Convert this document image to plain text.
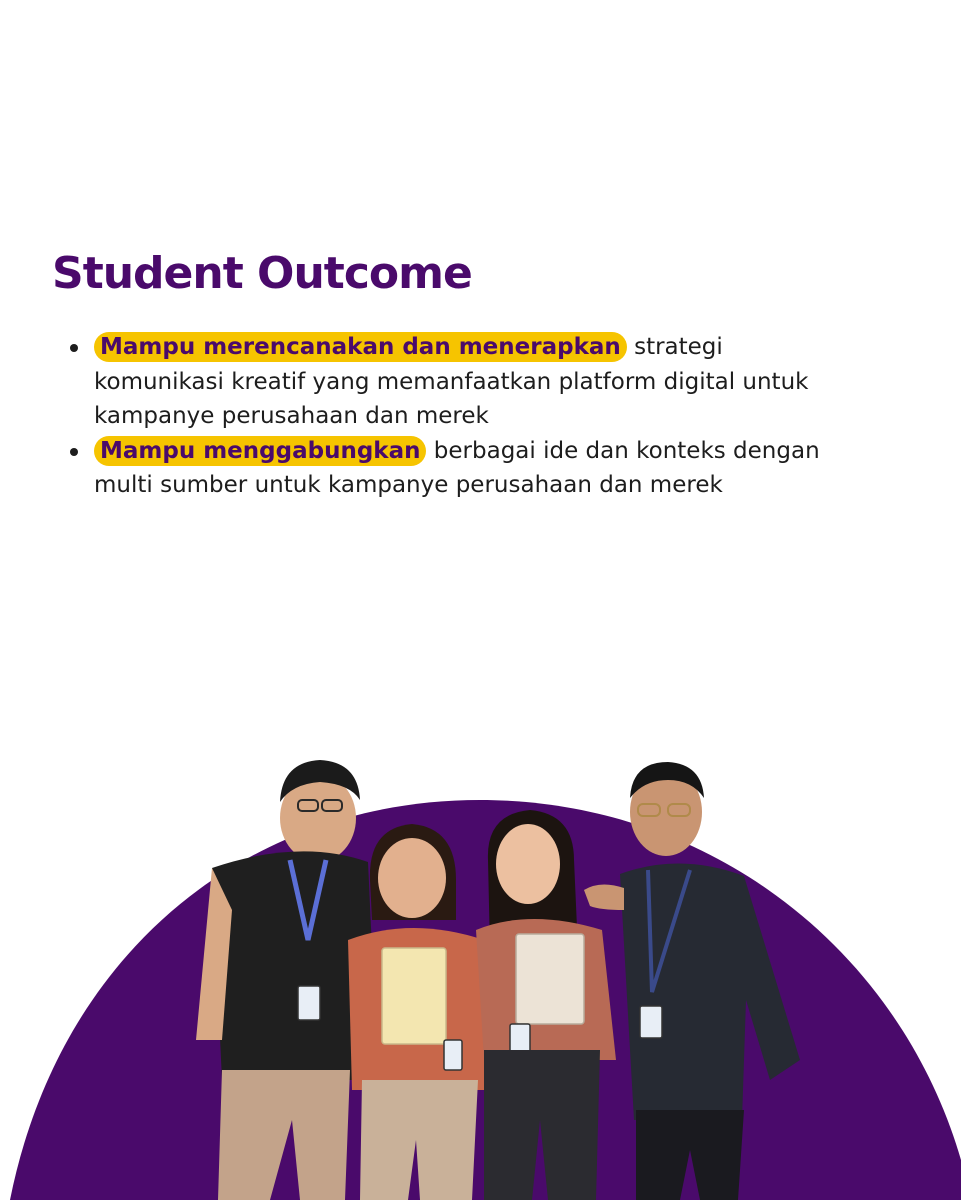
Student Outcome
Mampu merencanakan dan menerapkan strategi komunikasi kreatif yang memanfaatkan platform digital untuk kampanye perusahaan dan merek
Mampu menggabungkan berbagai ide dan konteks dengan multi sumber untuk kampanye perusahaan dan merek
